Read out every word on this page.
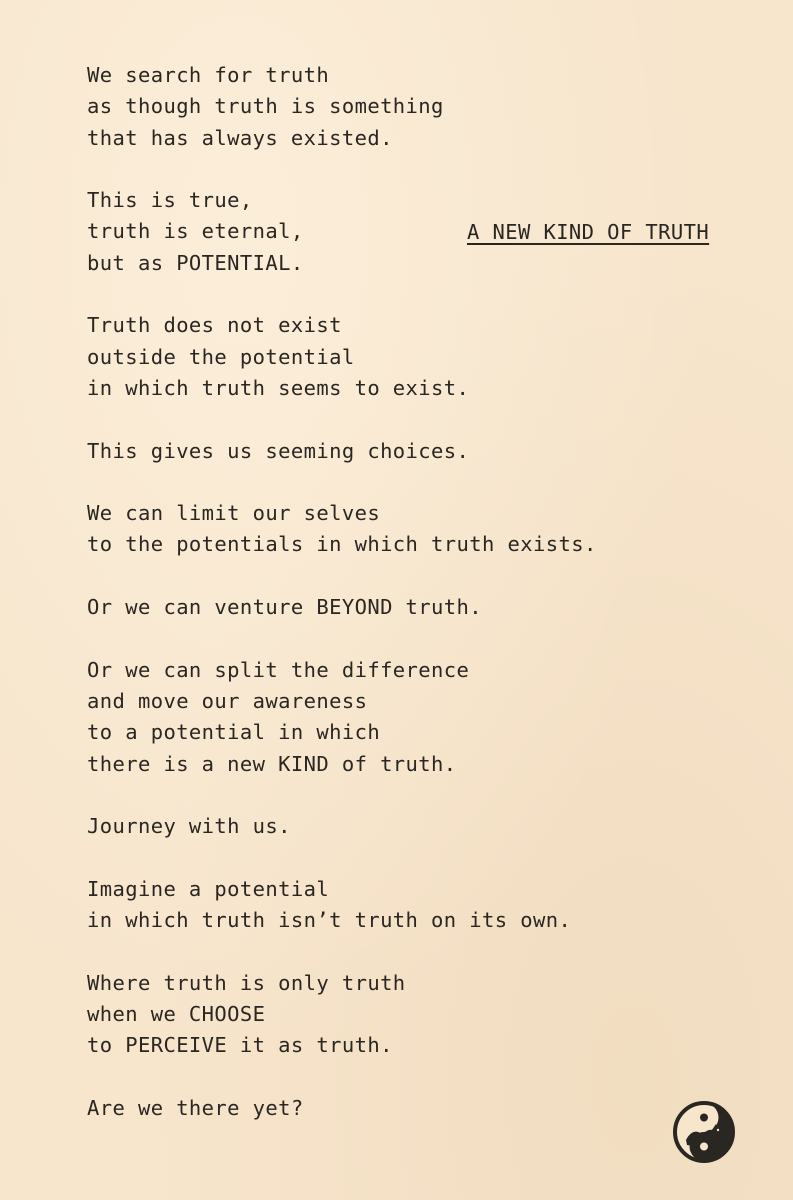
A NEW KIND OF TRUTH
We search for truth
as though truth is something
that has always existed.
This is true,
truth is eternal,
but as POTENTIAL.
Truth does not exist
outside the potential
in which truth seems to exist.
This gives us seeming choices.
We can limit our selves
to the potentials in which truth exists.
Or we can venture BEYOND truth.
Or we can split the difference
and move our awareness
to a potential in which
there is a new KIND of truth.
Journey with us.
Imagine a potential
in which truth isn’t truth on its own.
Where truth is only truth
when we CHOOSE
to PERCEIVE it as truth.
Are we there yet?
